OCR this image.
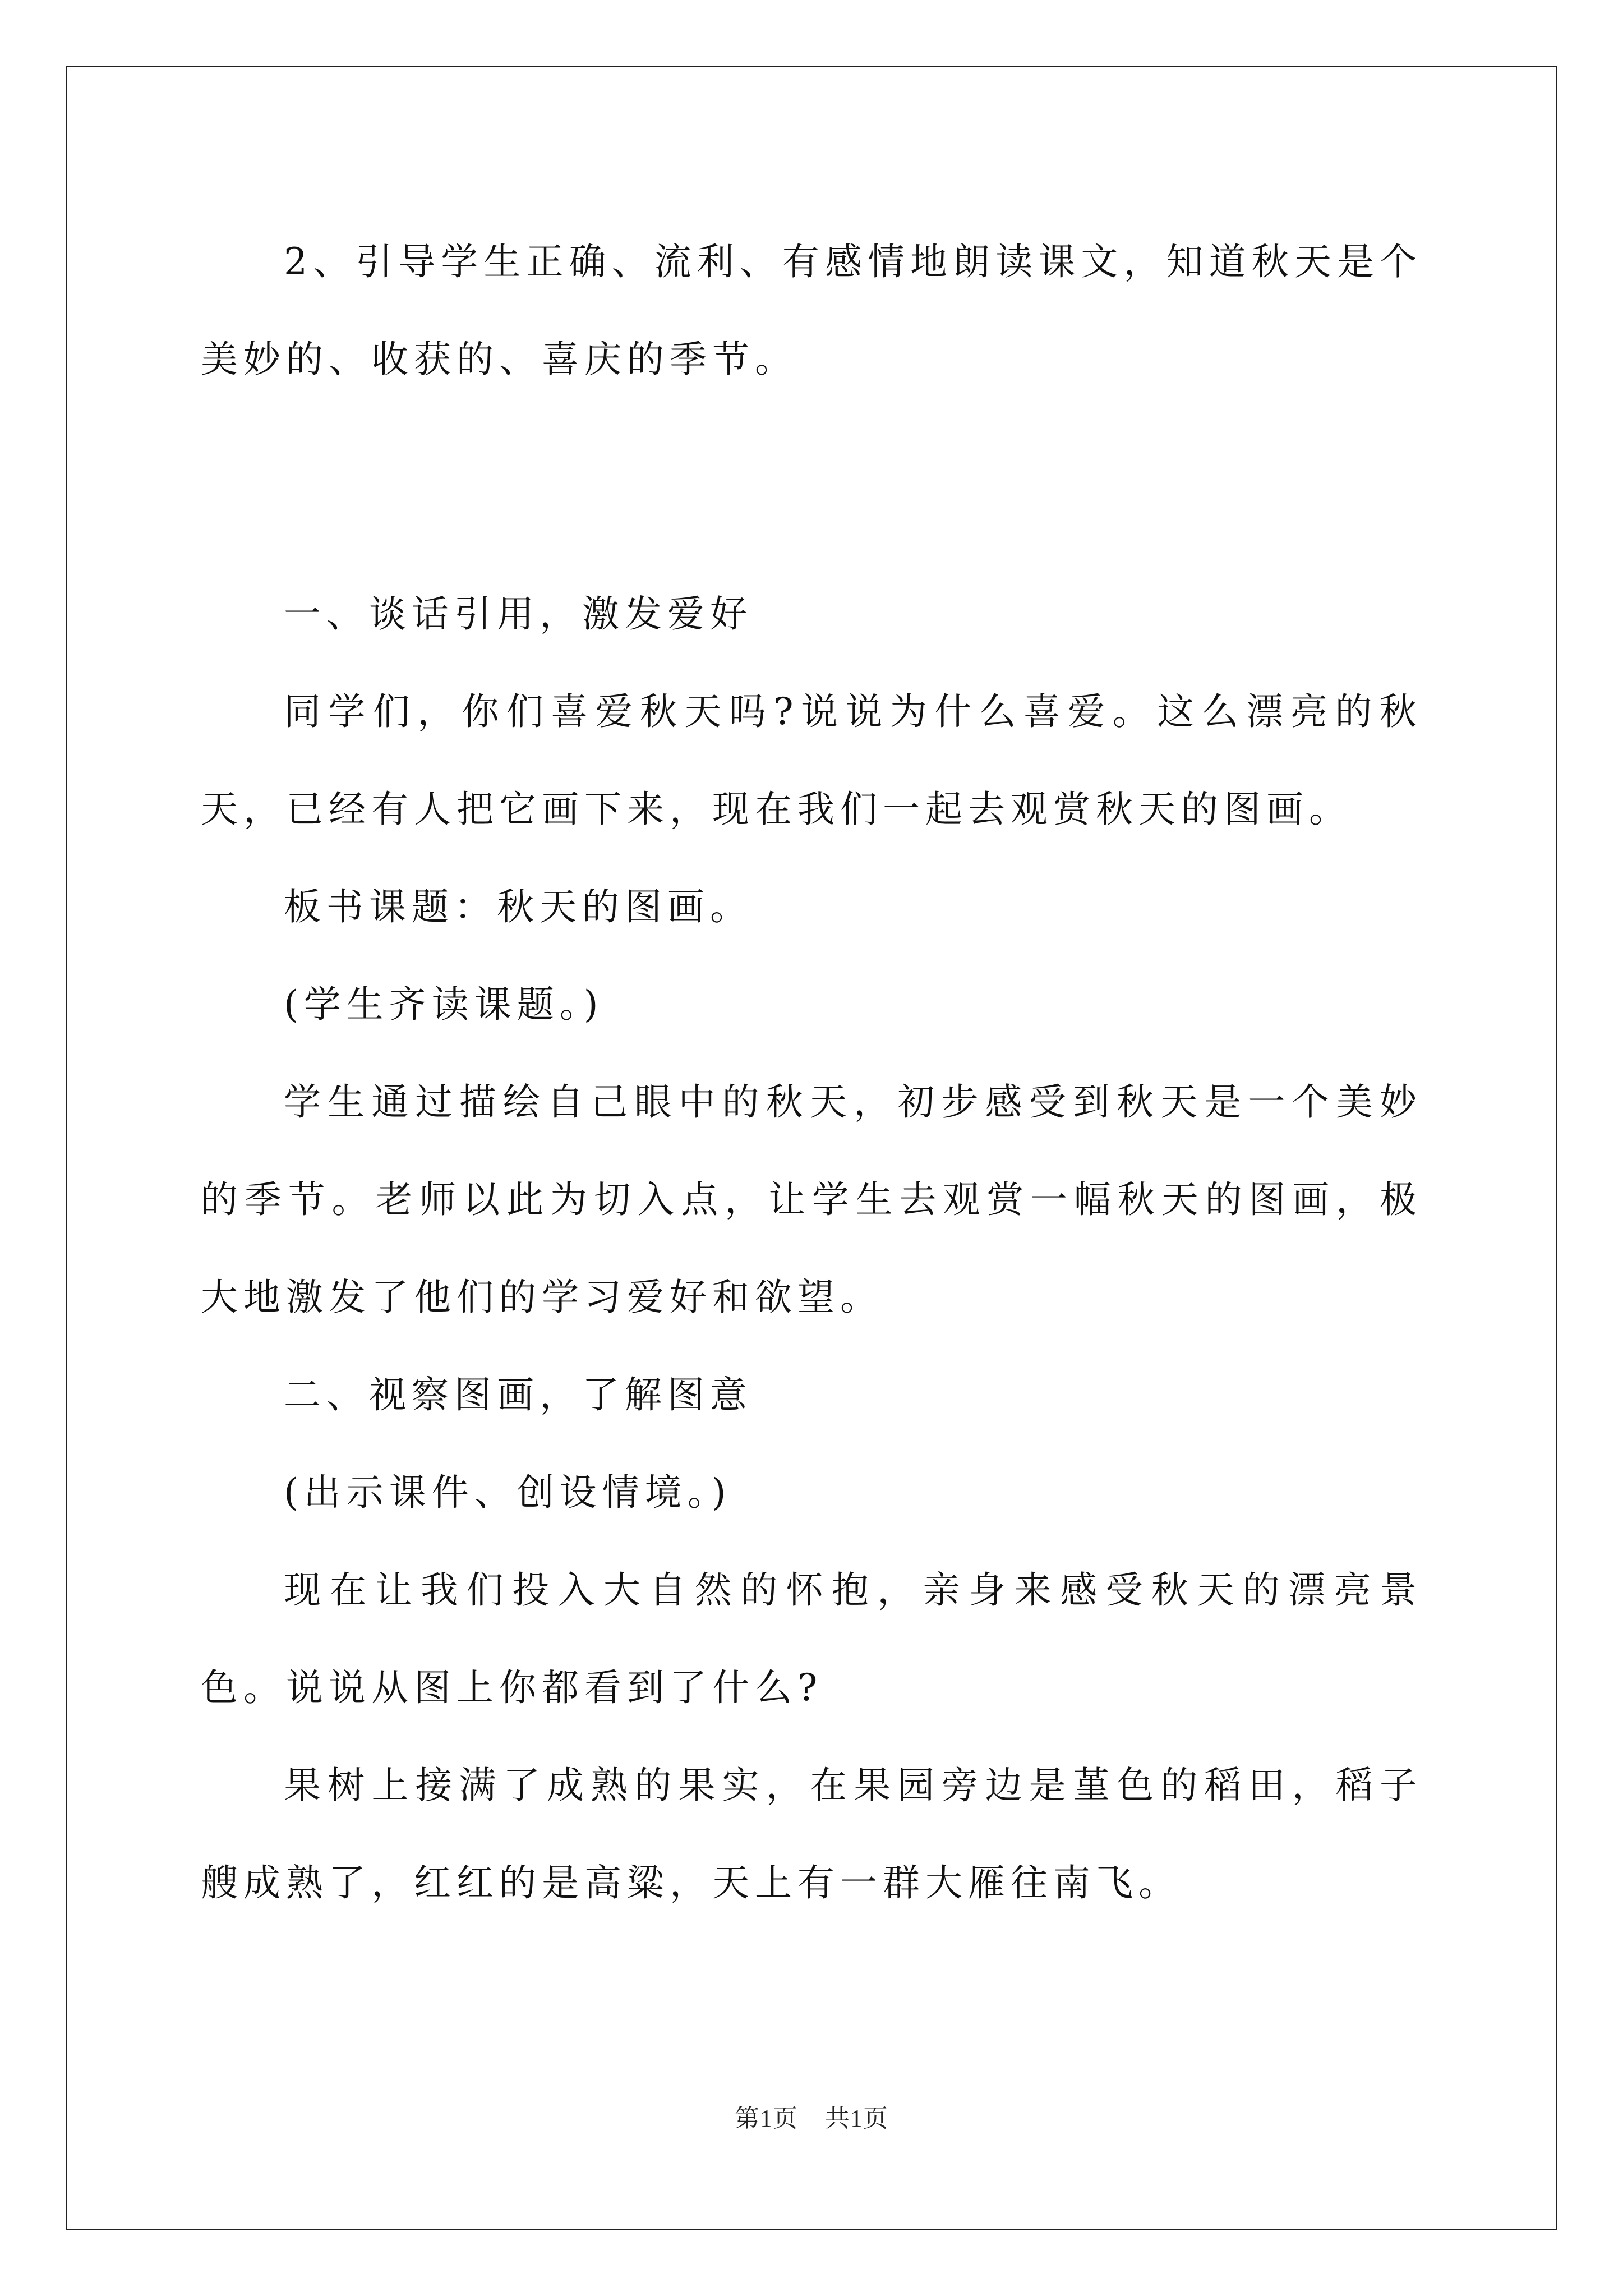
2、引导学生正确、流利、有感情地朗读课文，知道秋天是个美妙的、收获的、喜庆的季节。

一、谈话引用，激发爱好

同学们，你们喜爱秋天吗?说说为什么喜爱。这么漂亮的秋天，已经有人把它画下来，现在我们一起去观赏秋天的图画。

板书课题：秋天的图画。

(学生齐读课题。)

学生通过描绘自己眼中的秋天，初步感受到秋天是一个美妙的季节。老师以此为切入点，让学生去观赏一幅秋天的图画，极大地激发了他们的学习爱好和欲望。

二、视察图画，了解图意

(出示课件、创设情境。)

现在让我们投入大自然的怀抱，亲身来感受秋天的漂亮景色。说说从图上你都看到了什么?

果树上接满了成熟的果实，在果园旁边是堇色的稻田，稻子艘成熟了，红红的是高粱，天上有一群大雁往南飞。

第1页 共1页
